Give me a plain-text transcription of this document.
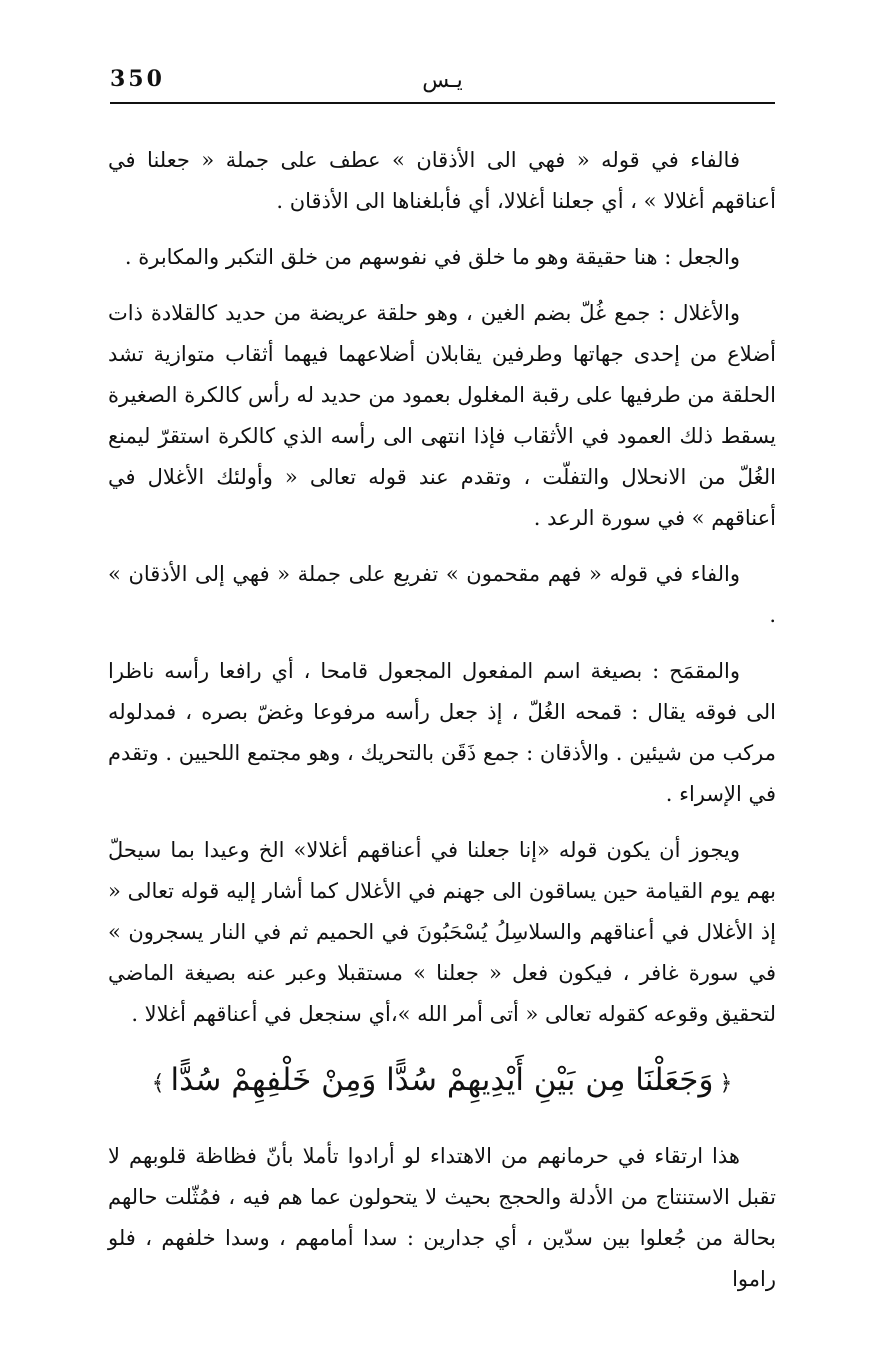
350	يـس

فالفاء في قوله « فهي الى الأذقان » عطف على جملة « جعلنا في أعناقهم أغلالا » ، أي جعلنا أغلالا، أي فأبلغناها الى الأذقان .

والجعل : هنا حقيقة وهو ما خلق في نفوسهم من خلق التكبر والمكابرة .

والأغلال : جمع غُلّ بضم الغين ، وهو حلقة عريضة من حديد كالقلادة ذات أضلاع من إحدى جهاتها وطرفين يقابلان أضلاعهما فيهما أثقاب متوازية تشد الحلقة من طرفيها على رقبة المغلول بعمود من حديد له رأس كالكرة الصغيرة يسقط ذلك العمود في الأثقاب فإذا انتهى الى رأسه الذي كالكرة استقرّ ليمنع الغُلّ من الانحلال والتفلّت ، وتقدم عند قوله تعالى « وأولئك الأغلال في أعناقهم » في سورة الرعد .

والفاء في قوله « فهم مقحمون » تفريع على جملة « فهي إلى الأذقان » .

والمقمَح : بصيغة اسم المفعول المجعول قامحا ، أي رافعا رأسه ناظرا الى فوقه يقال : قمحه الغُلّ ، إذ جعل رأسه مرفوعا وغضّ بصره ، فمدلوله مركب من شيئين . والأذقان : جمع ذَقَن بالتحريك ، وهو مجتمع اللحيين . وتقدم في الإسراء .

ويجوز أن يكون قوله «إنا جعلنا في أعناقهم أغلالا» الخ وعيدا بما سيحلّ بهم يوم القيامة حين يساقون الى جهنم في الأغلال كما أشار إليه قوله تعالى « إذ الأغلال في أعناقهم والسلاسِلُ يُسْحَبُونَ في الحميم ثم في النار يسجرون » في سورة غافر ، فيكون فعل « جعلنا » مستقبلا وعبر عنه بصيغة الماضي لتحقيق وقوعه كقوله تعالى « أتى أمر الله »،أي سنجعل في أعناقهم أغلالا .

﴿وَجَعَلْنَا مِن بَيْنِ أَيْدِيهِمْ سُدًّا وَمِنْ خَلْفِهِمْ سُدًّا﴾

هذا ارتقاء في حرمانهم من الاهتداء لو أرادوا تأملا بأنّ فظاظة قلوبهم لا تقبل الاستنتاج من الأدلة والحجج بحيث لا يتحولون عما هم فيه ، فمُثّلت حالهم بحالة من جُعلوا بين سدّين ، أي جدارين : سدا أمامهم ، وسدا خلفهم ، فلو راموا
